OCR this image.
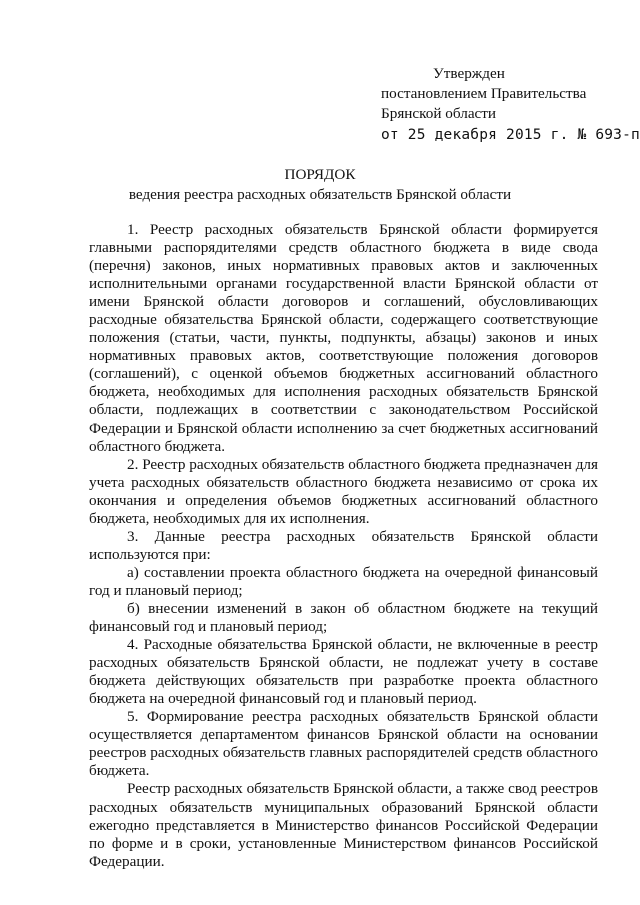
Утвержден
постановлением Правительства
Брянской области
от 25 декабря 2015 г. № 693-п
ПОРЯДОК
ведения реестра расходных обязательств Брянской области

1. Реестр расходных обязательств Брянской области формируется главными распорядителями средств областного бюджета в виде свода (перечня) законов, иных нормативных правовых актов и заключенных исполнительными органами государственной власти Брянской области от имени Брянской области договоров и соглашений, обусловливающих расходные обязательства Брянской области, содержащего соответствующие положения (статьи, части, пункты, подпункты, абзацы) законов и иных нормативных правовых актов, соответствующие положения договоров (соглашений), с оценкой объемов бюджетных ассигнований областного бюджета, необходимых для исполнения расходных обязательств Брянской области, подлежащих в соответствии с законодательством Российской Федерации и Брянской области исполнению за счет бюджетных ассигнований областного бюджета.

2. Реестр расходных обязательств областного бюджета предназначен для учета расходных обязательств областного бюджета независимо от срока их окончания и определения объемов бюджетных ассигнований областного бюджета, необходимых для их исполнения.

3. Данные реестра расходных обязательств Брянской области используются при:

а) составлении проекта областного бюджета на очередной финансовый год и плановый период;

б) внесении изменений в закон об областном бюджете на текущий финансовый год и плановый период;

4. Расходные обязательства Брянской области, не включенные в реестр расходных обязательств Брянской области, не подлежат учету в составе бюджета действующих обязательств при разработке проекта областного бюджета на очередной финансовый год и плановый период.

5. Формирование реестра расходных обязательств Брянской области осуществляется департаментом финансов Брянской области на основании реестров расходных обязательств главных распорядителей средств областного бюджета.

Реестр расходных обязательств Брянской области, а также свод реестров расходных обязательств муниципальных образований Брянской области ежегодно представляется в Министерство финансов Российской Федерации по форме и в сроки, установленные Министерством финансов Российской Федерации.
